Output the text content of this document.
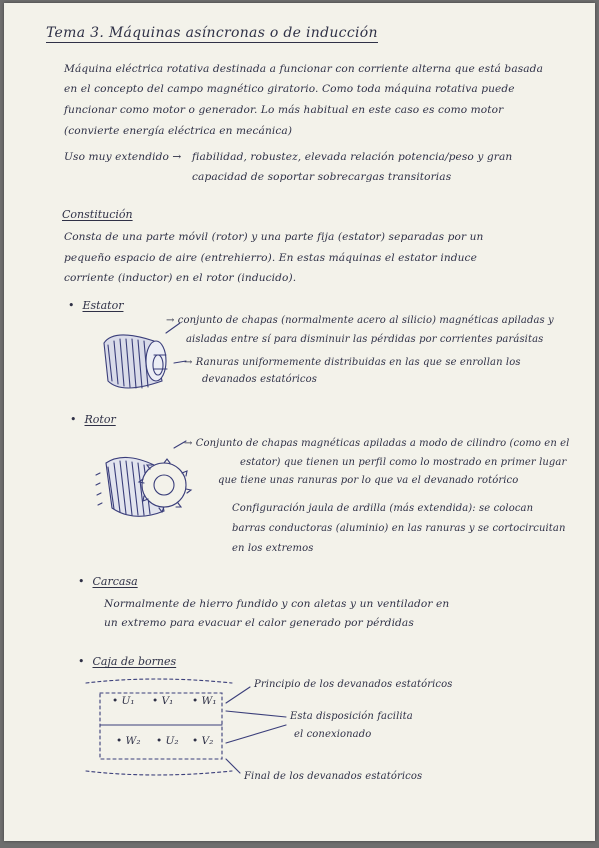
Tema 3. Máquinas asíncronas o de inducción
Máquina eléctrica rotativa destinada a funcionar con corriente alterna que está basada
en el concepto del campo magnético giratorio. Como toda máquina rotativa puede
funcionar como motor o generador. Lo más habitual en este caso es como motor
(convierte energía eléctrica en mecánica)
Uso muy extendido → fiabilidad, robustez, elevada relación potencia/peso y gran
capacidad de soportar sobrecargas transitorias
Constitución
Consta de una parte móvil (rotor) y una parte fija (estator) separadas por un
pequeño espacio de aire (entrehierro). En estas máquinas el estator induce
corriente (inductor) en el rotor (inducido).
• Estator
→ conjunto de chapas (normalmente acero al silicio) magnéticas apiladas y
aisladas entre sí para disminuir las pérdidas por corrientes parásitas
→ Ranuras uniformemente distribuidas en las que se enrollan los
devanados estatóricos
• Rotor
→ Conjunto de chapas magnéticas apiladas a modo de cilindro (como en el
estator) que tienen un perfil como lo mostrado en primer lugar
que tiene unas ranuras por lo que va el devanado rotórico
Configuración jaula de ardilla (más extendida): se colocan
barras conductoras (aluminio) en las ranuras y se cortocircuitan
en los extremos
• Carcasa
Normalmente de hierro fundido y con aletas y un ventilador en
un extremo para evacuar el calor generado por pérdidas
• Caja de bornes
Principio de los devanados estatóricos
Esta disposición facilita
el conexionado
Final de los devanados estatóricos
• U₁ • V₁ • W₁
• W₂ • U₂ • V₂
